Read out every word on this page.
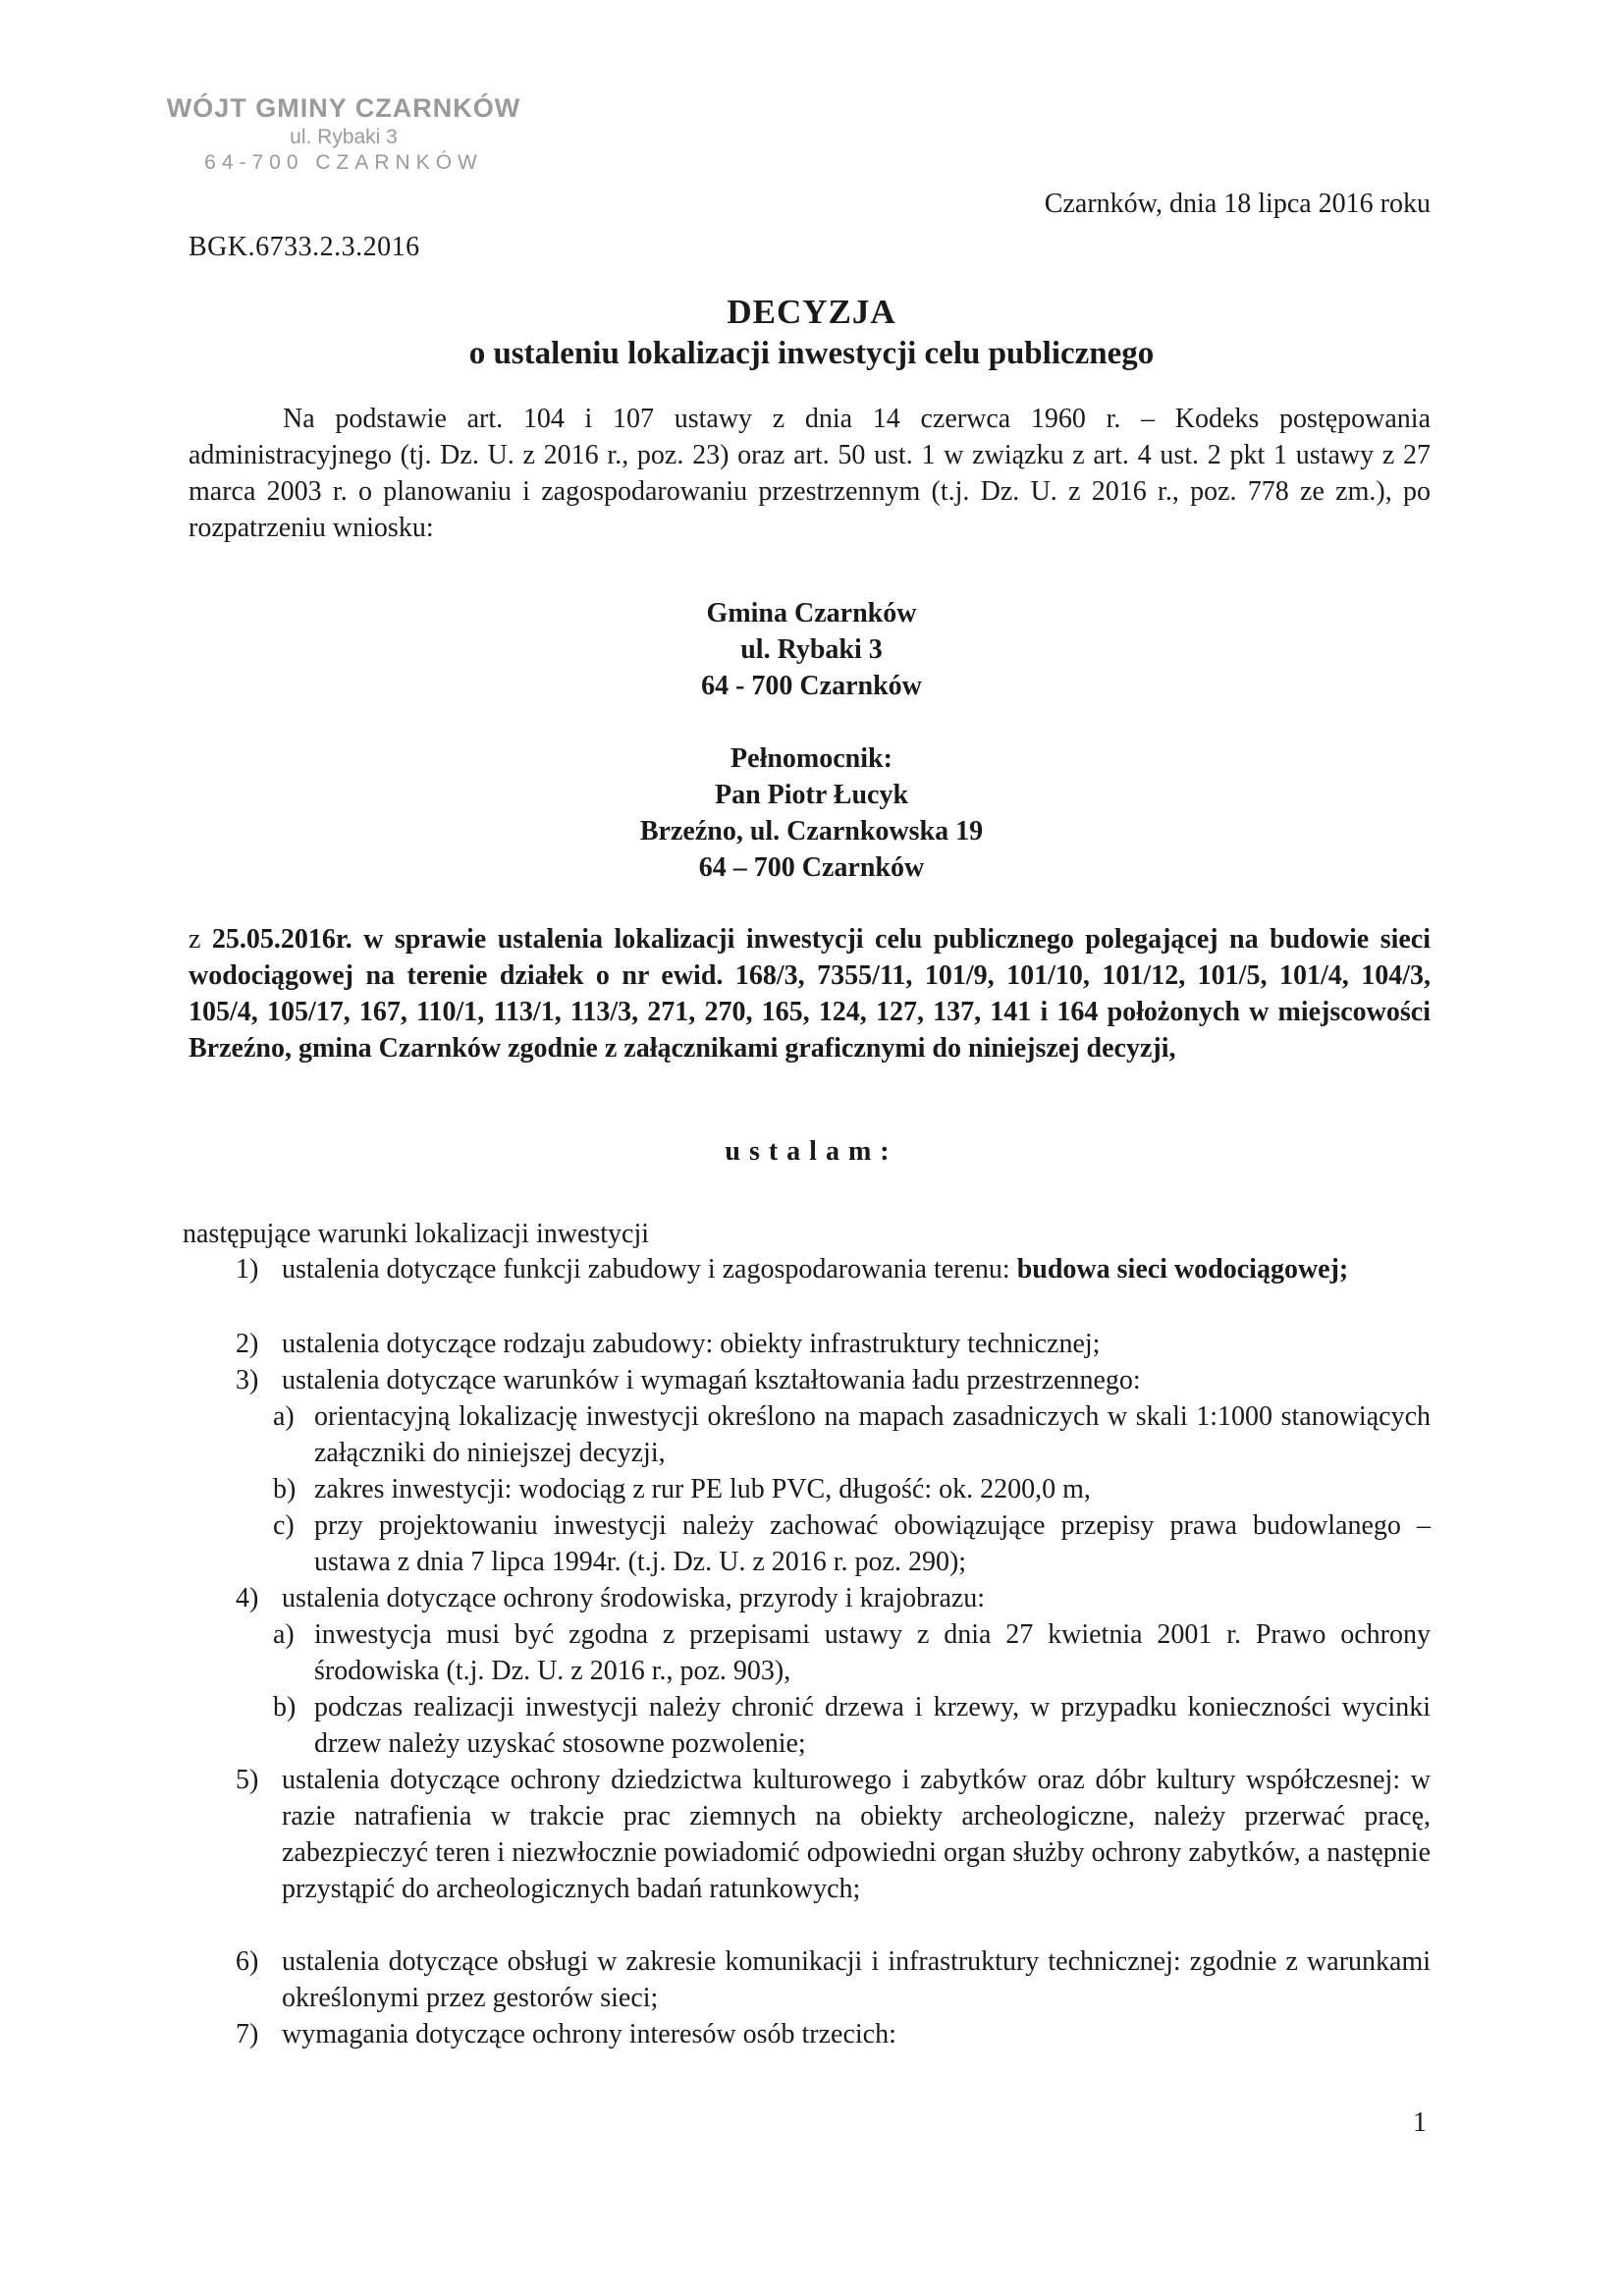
WÓJT GMINY CZARNKÓW
ul. Rybaki 3
64-700 CZARNKÓW
Czarnków, dnia 18 lipca 2016 roku
BGK.6733.2.3.2016
DECYZJA
o ustaleniu lokalizacji inwestycji celu publicznego
Na podstawie art. 104 i 107 ustawy z dnia 14 czerwca 1960 r. – Kodeks postępowania administracyjnego (tj. Dz. U. z 2016 r., poz. 23) oraz art. 50 ust. 1 w związku z art. 4 ust. 2 pkt 1 ustawy z 27 marca 2003 r. o planowaniu i zagospodarowaniu przestrzennym (t.j. Dz. U. z 2016 r., poz. 778 ze zm.), po rozpatrzeniu wniosku:
Gmina Czarnków
ul. Rybaki 3
64 - 700 Czarnków
Pełnomocnik:
Pan Piotr Łucyk
Brzeźno, ul. Czarnkowska 19
64 – 700 Czarnków
z 25.05.2016r. w sprawie ustalenia lokalizacji inwestycji celu publicznego polegającej na budowie sieci wodociągowej na terenie działek o nr ewid. 168/3, 7355/11, 101/9, 101/10, 101/12, 101/5, 101/4, 104/3, 105/4, 105/17, 167, 110/1, 113/1, 113/3, 271, 270, 165, 124, 127, 137, 141 i 164 położonych w miejscowości Brzeźno, gmina Czarnków zgodnie z załącznikami graficznymi do niniejszej decyzji,
ustalam:
następujące warunki lokalizacji inwestycji
1) ustalenia dotyczące funkcji zabudowy i zagospodarowania terenu: budowa sieci wodociągowej;
2) ustalenia dotyczące rodzaju zabudowy: obiekty infrastruktury technicznej;
3) ustalenia dotyczące warunków i wymagań kształtowania ładu przestrzennego:
a) orientacyjną lokalizację inwestycji określono na mapach zasadniczych w skali 1:1000 stanowiących załączniki do niniejszej decyzji,
b) zakres inwestycji: wodociąg z rur PE lub PVC, długość: ok. 2200,0 m,
c) przy projektowaniu inwestycji należy zachować obowiązujące przepisy prawa budowlanego – ustawa z dnia 7 lipca 1994r. (t.j. Dz. U. z 2016 r. poz. 290);
4) ustalenia dotyczące ochrony środowiska, przyrody i krajobrazu:
a) inwestycja musi być zgodna z przepisami ustawy z dnia 27 kwietnia 2001 r. Prawo ochrony środowiska (t.j. Dz. U. z 2016 r., poz. 903),
b) podczas realizacji inwestycji należy chronić drzewa i krzewy, w przypadku konieczności wycinki drzew należy uzyskać stosowne pozwolenie;
5) ustalenia dotyczące ochrony dziedzictwa kulturowego i zabytków oraz dóbr kultury współczesnej: w razie natrafienia w trakcie prac ziemnych na obiekty archeologiczne, należy przerwać pracę, zabezpieczyć teren i niezwłocznie powiadomić odpowiedni organ służby ochrony zabytków, a następnie przystąpić do archeologicznych badań ratunkowych;
6) ustalenia dotyczące obsługi w zakresie komunikacji i infrastruktury technicznej: zgodnie z warunkami określonymi przez gestorów sieci;
7) wymagania dotyczące ochrony interesów osób trzecich:
1
